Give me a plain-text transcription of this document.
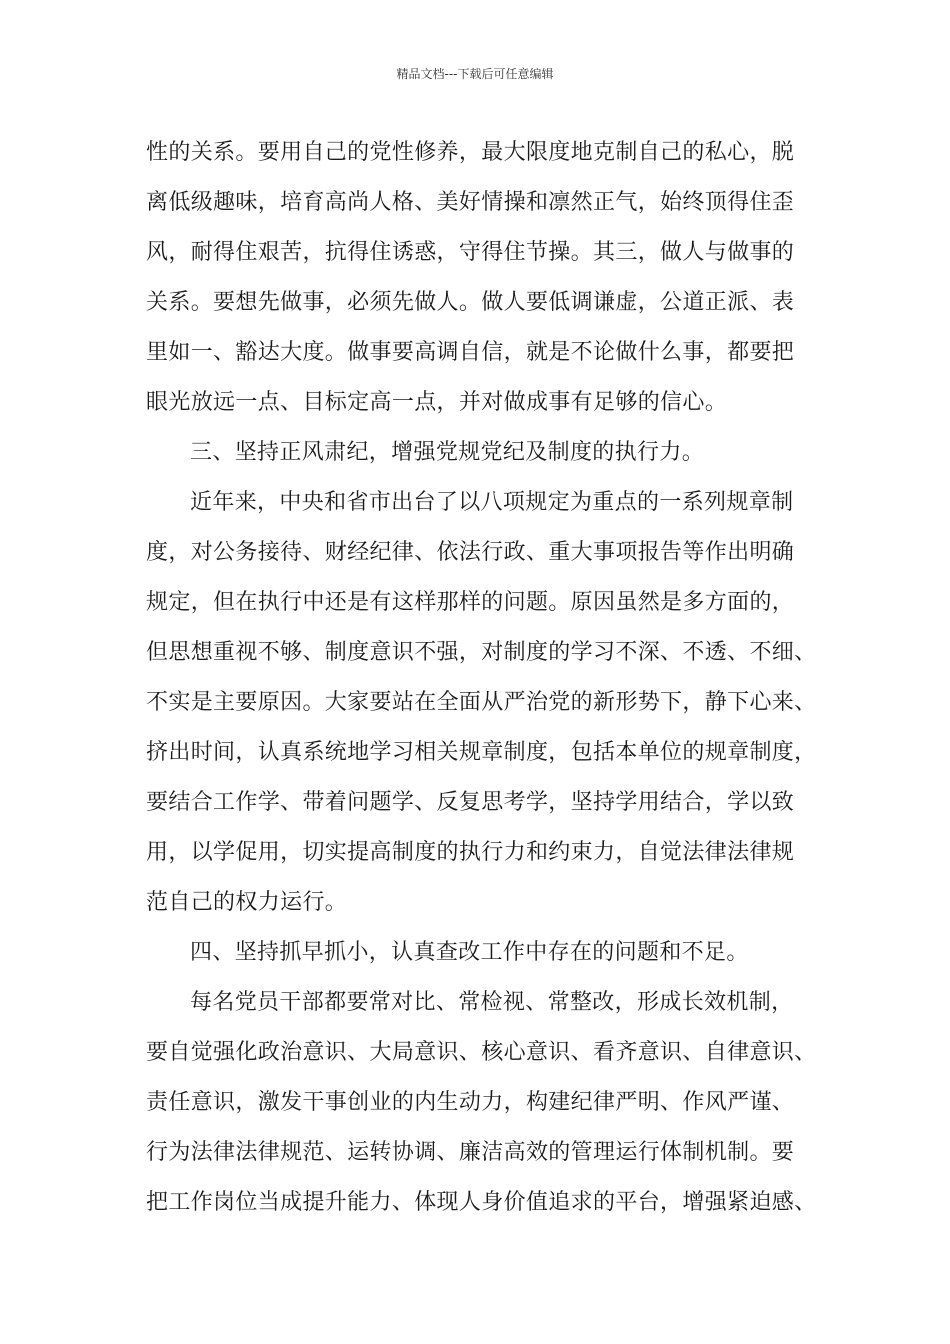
精品文档---下载后可任意编辑
性的关系。要用自己的党性修养，最大限度地克制自己的私心，脱
离低级趣味，培育高尚人格、美好情操和凛然正气，始终顶得住歪
风，耐得住艰苦，抗得住诱惑，守得住节操。其三，做人与做事的
关系。要想先做事，必须先做人。做人要低调谦虚，公道正派、表
里如一、豁达大度。做事要高调自信，就是不论做什么事，都要把
眼光放远一点、目标定高一点，并对做成事有足够的信心。
三、坚持正风肃纪，增强党规党纪及制度的执行力。
近年来，中央和省市出台了以八项规定为重点的一系列规章制
度，对公务接待、财经纪律、依法行政、重大事项报告等作出明确
规定，但在执行中还是有这样那样的问题。原因虽然是多方面的，
但思想重视不够、制度意识不强，对制度的学习不深、不透、不细、
不实是主要原因。大家要站在全面从严治党的新形势下，静下心来、
挤出时间，认真系统地学习相关规章制度，包括本单位的规章制度，
要结合工作学、带着问题学、反复思考学，坚持学用结合，学以致
用，以学促用，切实提高制度的执行力和约束力，自觉法律法律规
范自己的权力运行。
四、坚持抓早抓小，认真查改工作中存在的问题和不足。
每名党员干部都要常对比、常检视、常整改，形成长效机制，
要自觉强化政治意识、大局意识、核心意识、看齐意识、自律意识、
责任意识，激发干事创业的内生动力，构建纪律严明、作风严谨、
行为法律法律规范、运转协调、廉洁高效的管理运行体制机制。要
把工作岗位当成提升能力、体现人身价值追求的平台，增强紧迫感、
